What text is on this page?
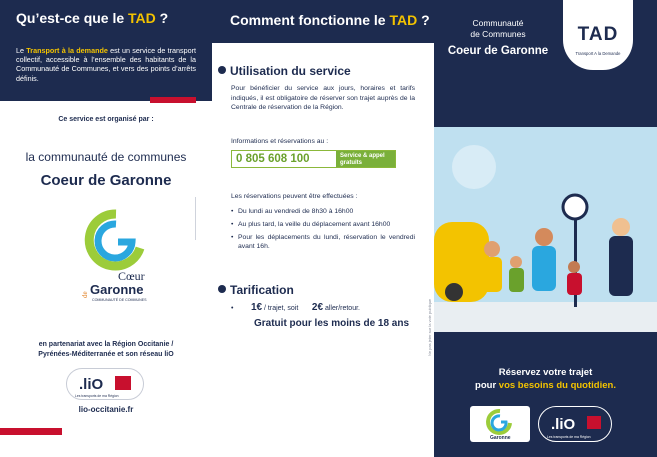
Qu’est-ce que le TAD ?
Le Transport à la demande est un service de transport collectif, accessible à l’ensemble des habitants de la Communauté de Communes, et vers des points d’arrêts définis.
Ce service est organisé par :
la communauté de communes
Coeur de Garonne
Cœur
de Garonne
COMMUNAUTÉ DE COMMUNES
en partenariat avec la Région Occitanie /
Pyrénées-Méditerranée et son réseau liO
.liO
Les transports de ma Région
lio-occitanie.fr
Comment fonctionne le TAD ?
Utilisation du service
Pour bénéficier du service aux jours, horaires et tarifs indiqués, il est obligatoire de réserver son trajet auprès de la Centrale de réservation de la Région.
Informations et réservations au :
0 805 608 100	Service & appel gratuits
Les réservations peuvent être effectuées :
• Du lundi au vendredi de 8h30 à 16h00
• Au plus tard, la veille du déplacement avant 16h00
• Pour les déplacements du lundi, réservation le vendredi avant 16h.
Tarification
•         1€ / trajet, soit       2€ aller/retour.
Gratuit pour les moins de 18 ans	Ne pas jeter sur la voie publique
Communauté
de Communes
Coeur de Garonne
TAD
Transport A la Demande
Réservez votre trajet
pour vos besoins du quotidien.
Garonne
.liO
Les transports de ma Région
